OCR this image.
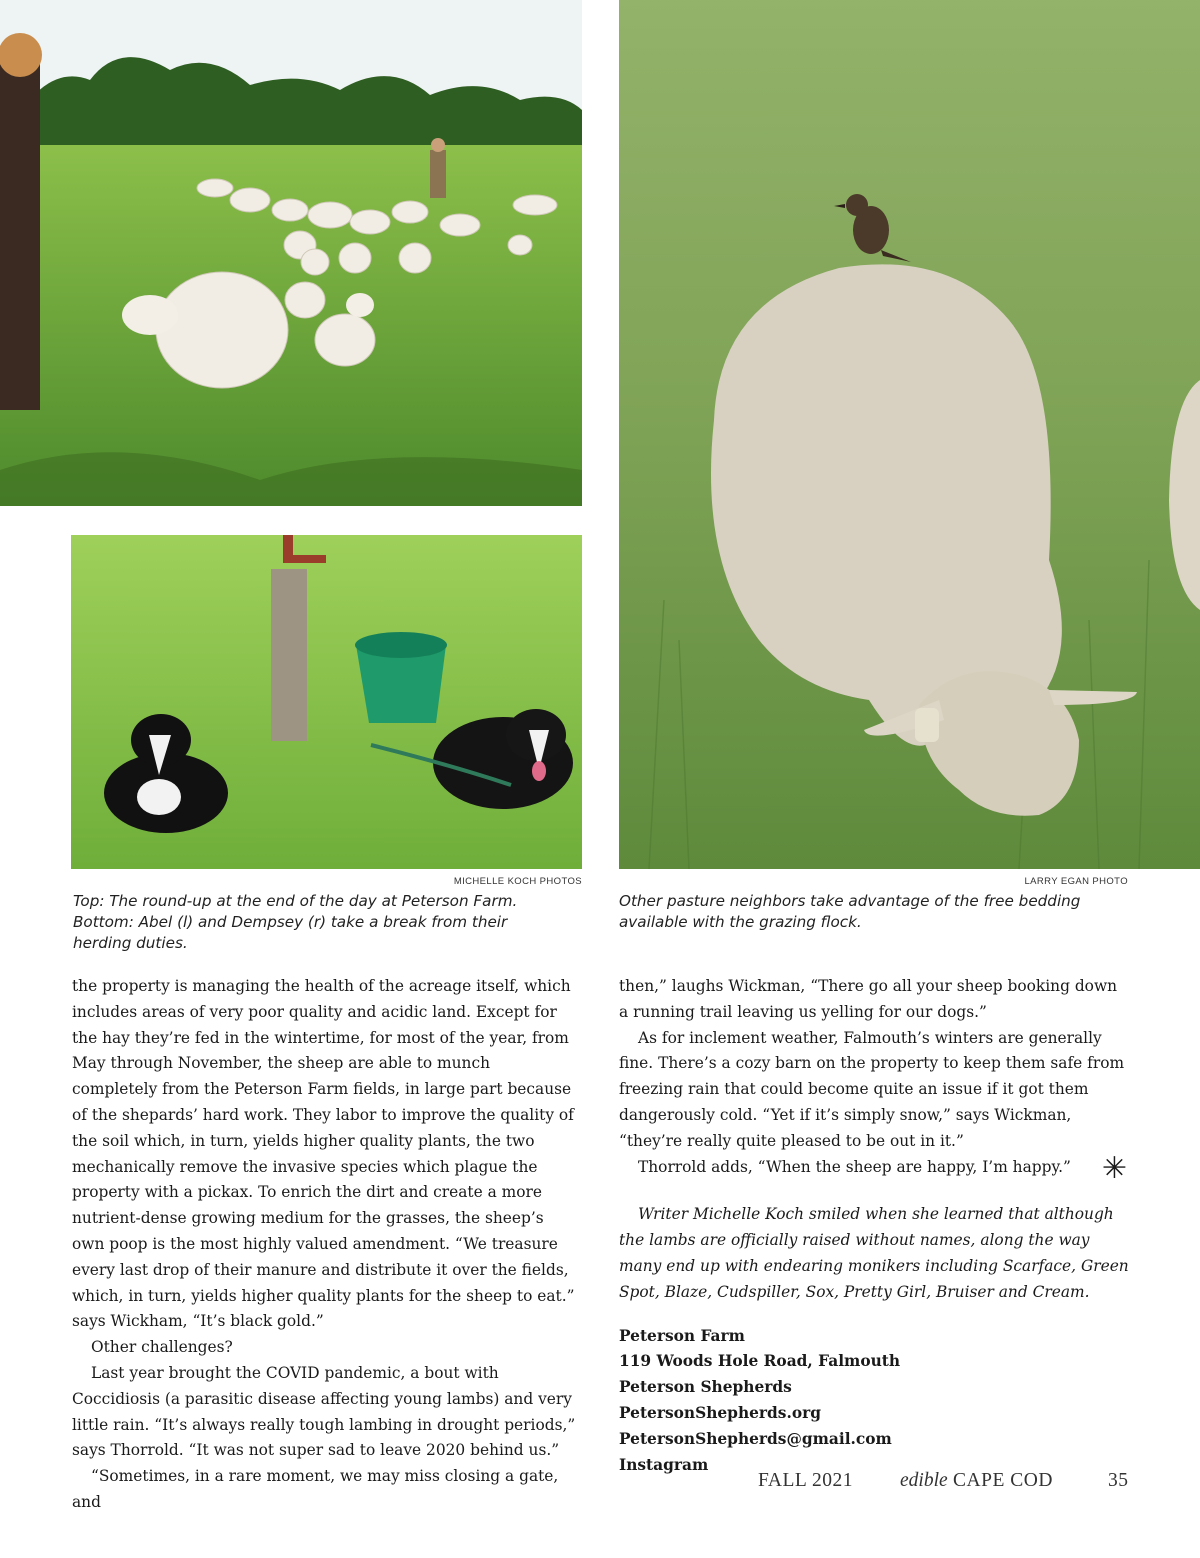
MICHELLE KOCH PHOTOS	LARRY EGAN PHOTO

Top: The round-up at the end of the day at Peterson Farm.

Bottom: Abel (l) and Dempsey (r) take a break from their

herding duties.

Other pasture neighbors take advantage of the free bedding

available with the grazing flock.

the property is managing the health of the acreage itself, which includes areas of very poor quality and acidic land. Except for the hay they’re fed in the wintertime, for most of the year, from May through November, the sheep are able to munch completely from the Peterson Farm fields, in large part because of the shepards’ hard work. They labor to improve the quality of the soil which, in turn, yields higher quality plants, the two mechanically remove the invasive species which plague the property with a pickax. To enrich the dirt and create a more nutrient-dense growing medium for the grasses, the sheep’s own poop is the most highly valued amendment. “We treasure every last drop of their manure and distribute it over the fields, which, in turn, yields higher quality plants for the sheep to eat.” says Wickham, “It’s black gold.”

Other challenges?

Last year brought the COVID pandemic, a bout with Coccidiosis (a parasitic disease affecting young lambs) and very little rain. “It’s always really tough lambing in drought periods,” says Thorrold. “It was not super sad to leave 2020 behind us.”

“Sometimes, in a rare moment, we may miss closing a gate, and

then,” laughs Wickman, “There go all your sheep booking down a running trail leaving us yelling for our dogs.”

As for inclement weather, Falmouth’s winters are generally fine. There’s a cozy barn on the property to keep them safe from freezing rain that could become quite an issue if it got them dangerously cold. “Yet if it’s simply snow,” says Wickman, “they’re really quite pleased to be out in it.”

Thorrold adds, “When the sheep are happy, I’m happy.” ✳

Writer Michelle Koch smiled when she learned that although the lambs are officially raised without names, along the way many end up with endearing monikers including Scarface, Green Spot, Blaze, Cudspiller, Sox, Pretty Girl, Bruiser and Cream.

Peterson Farm
119 Woods Hole Road, Falmouth
Peterson Shepherds
PetersonShepherds.org
PetersonShepherds@gmail.com
Instagram
FALL 2021 edible CAPE COD	35
